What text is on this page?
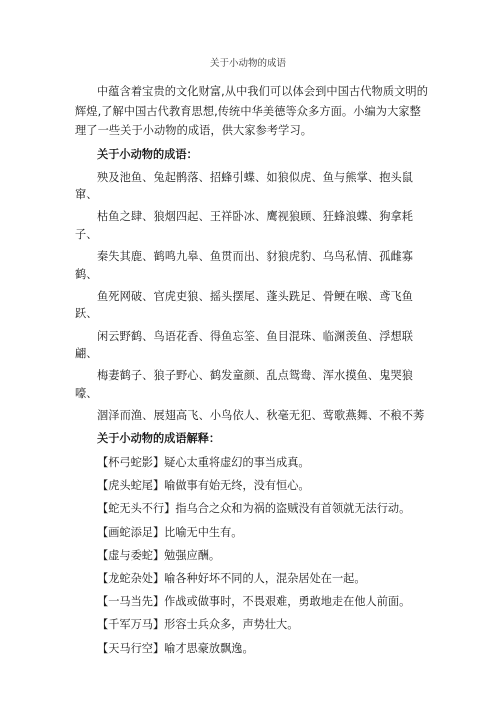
关于小动物的成语

中蕴含着宝贵的文化财富,从中我们可以体会到中国古代物质文明的辉煌,了解中国古代教育思想,传统中华美德等众多方面。小编为大家整理了一些关于小动物的成语，供大家参考学习。

关于小动物的成语：

殃及池鱼、兔起鹘落、招蜂引蝶、如狼似虎、鱼与熊掌、抱头鼠窜、

枯鱼之肆、狼烟四起、王祥卧冰、鹰视狼顾、狂蜂浪蝶、狗拿耗子、

秦失其鹿、鹤鸣九皋、鱼贯而出、豺狼虎豹、乌鸟私情、孤雌寡鹤、

鱼死网破、官虎吏狼、摇头摆尾、蓬头跣足、骨鲠在喉、鸢飞鱼跃、

闲云野鹤、鸟语花香、得鱼忘筌、鱼目混珠、临渊羡鱼、浮想联翩、

梅妻鹤子、狼子野心、鹤发童颜、乱点鸳鸯、浑水摸鱼、鬼哭狼嚎、

涸泽而渔、展翅高飞、小鸟依人、秋毫无犯、莺歌燕舞、不稂不莠

关于小动物的成语解释：
【杯弓蛇影】疑心太重将虚幻的事当成真。
【虎头蛇尾】喻做事有始无终，没有恒心。
【蛇无头不行】指乌合之众和为祸的盗贼没有首领就无法行动。
【画蛇添足】比喻无中生有。
【虚与委蛇】勉强应酬。
【龙蛇杂处】喻各种好坏不同的人，混杂居处在一起。
【一马当先】作战或做事时，不畏艰难，勇敢地走在他人前面。
【千军万马】形容士兵众多，声势壮大。
【天马行空】喻才思豪放飘逸。
